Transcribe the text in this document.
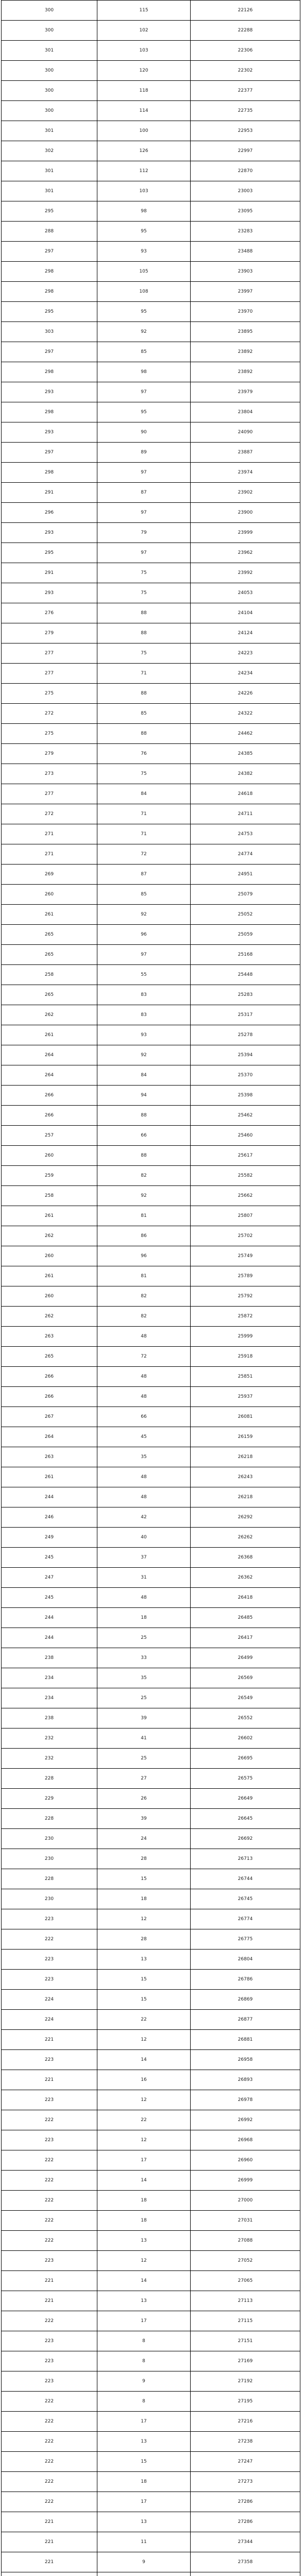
300	115	22126
300	102	22288
301	103	22306
300	120	22302
300	118	22377
300	114	22735
301	100	22953
302	126	22997
301	112	22870
301	103	23003
295	98	23095
288	95	23283
297	93	23488
298	105	23903
298	108	23997
295	95	23970
303	92	23895
297	85	23892
298	98	23892
293	97	23979
298	95	23804
293	90	24090
297	89	23887
298	97	23974
291	87	23902
296	97	23900
293	79	23999
295	97	23962
291	75	23992
293	75	24053
276	88	24104
279	88	24124
277	75	24223
277	71	24234
275	88	24226
272	85	24322
275	88	24462
279	76	24385
273	75	24382
277	84	24618
272	71	24711
271	71	24753
271	72	24774
269	87	24951
260	85	25079
261	92	25052
265	96	25059
265	97	25168
258	55	25448
265	83	25283
262	83	25317
261	93	25278
264	92	25394
264	84	25370
266	94	25398
266	88	25462
257	66	25460
260	88	25617
259	82	25582
258	92	25662
261	81	25807
262	86	25702
260	96	25749
261	81	25789
260	82	25792
262	82	25872
263	48	25999
265	72	25918
266	48	25851
266	48	25937
267	66	26081
264	45	26159
263	35	26218
261	48	26243
244	48	26218
246	42	26292
249	40	26262
245	37	26368
247	31	26362
245	48	26418
244	18	26485
244	25	26417
238	33	26499
234	35	26569
234	25	26549
238	39	26552
232	41	26602
232	25	26695
228	27	26575
229	26	26649
228	39	26645
230	24	26692
230	28	26713
228	15	26744
230	18	26745
223	12	26774
222	28	26775
223	13	26804
223	15	26786
224	15	26869
224	22	26877
221	12	26881
223	14	26958
221	16	26893
223	12	26978
222	22	26992
223	12	26968
222	17	26960
222	14	26999
222	18	27000
222	18	27031
222	13	27088
223	12	27052
221	14	27065
221	13	27113
222	17	27115
223	8	27151
223	8	27169
223	9	27192
222	8	27195
222	17	27216
222	13	27238
222	15	27247
222	18	27273
222	17	27286
221	13	27286
221	11	27344
221	9	27358
